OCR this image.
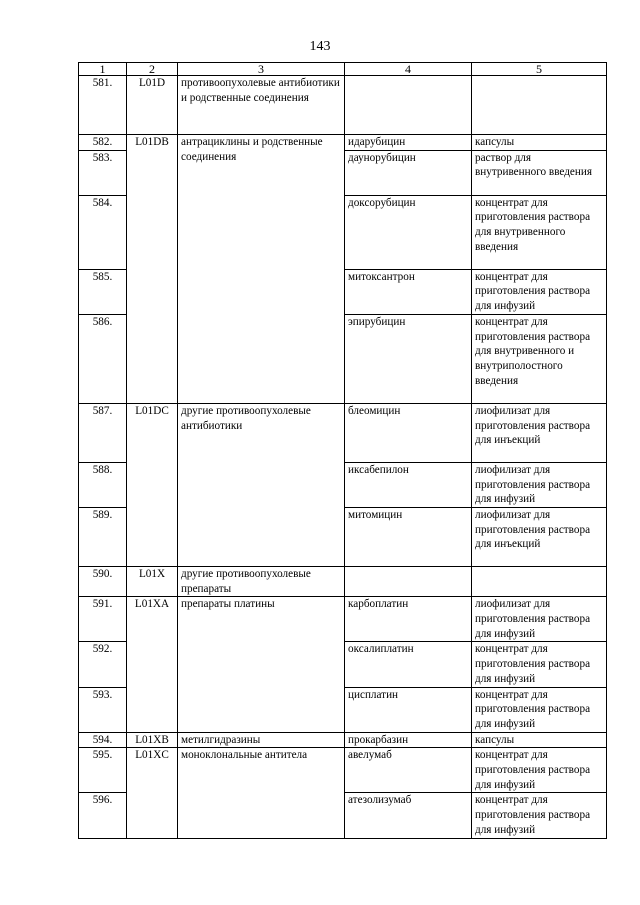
143
1	2	3	4	5
581.	L01D	противоопухолевые антибиотики и родственные соединения		
582.	L01DB	антрациклины и родственные соединения	идарубицин	капсулы
583.			даунорубицин	раствор для внутривенного введения
584.			доксорубицин	концентрат для приготовления раствора для внутривенного введения
585.			митоксантрон	концентрат для приготовления раствора для инфузий
586.			эпирубицин	концентрат для приготовления раствора для внутривенного и внутриполостного введения
587.	L01DC	другие противоопухолевые антибиотики	блеомицин	лиофилизат для приготовления раствора для инъекций
588.			иксабепилон	лиофилизат для приготовления раствора для инфузий
589.			митомицин	лиофилизат для приготовления раствора для инъекций
590.	L01X	другие противоопухолевые препараты		
591.	L01XA	препараты платины	карбоплатин	лиофилизат для приготовления раствора для инфузий
592.			оксалиплатин	концентрат для приготовления раствора для инфузий
593.			цисплатин	концентрат для приготовления раствора для инфузий
594.	L01XB	метилгидразины	прокарбазин	капсулы
595.	L01XC	моноклональные антитела	авелумаб	концентрат для приготовления раствора для инфузий
596.			атезолизумаб	концентрат для приготовления раствора для инфузий
